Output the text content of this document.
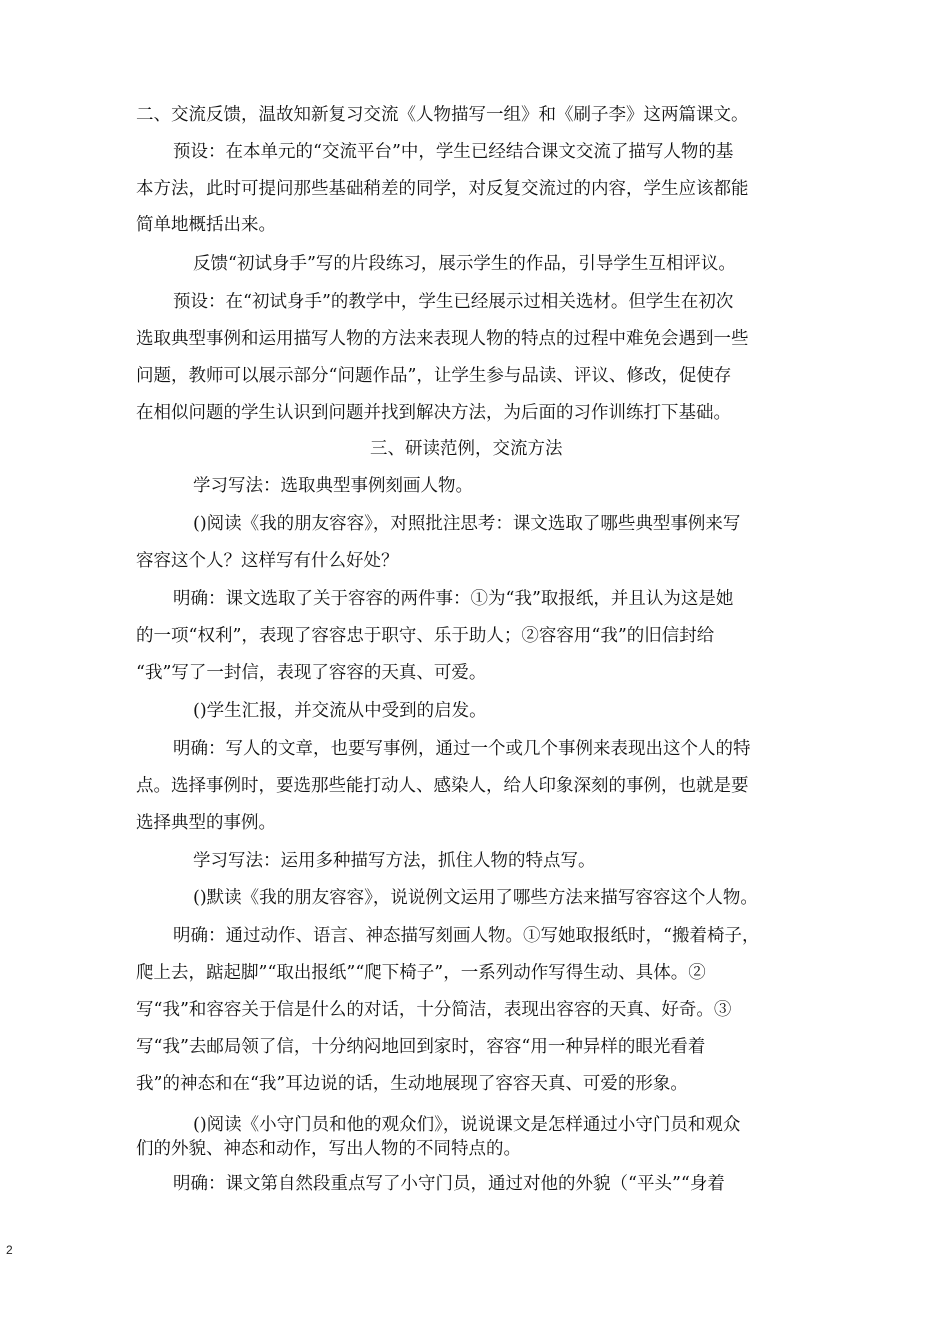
二、交流反馈，温故知新复习交流《人物描写一组》和《刷子李》这两篇课文。
预设：在本单元的“交流平台”中，学生已经结合课文交流了描写人物的基
本方法，此时可提问那些基础稍差的同学，对反复交流过的内容，学生应该都能
简单地概括出来。
反馈“初试身手”写的片段练习，展示学生的作品，引导学生互相评议。
预设：在“初试身手”的教学中，学生已经展示过相关选材。但学生在初次
选取典型事例和运用描写人物的方法来表现人物的特点的过程中难免会遇到一些
问题，教师可以展示部分“问题作品”，让学生参与品读、评议、修改，促使存
在相似问题的学生认识到问题并找到解决方法，为后面的习作训练打下基础。
三、研读范例，交流方法
学习写法：选取典型事例刻画人物。
()阅读《我的朋友容容》，对照批注思考：课文选取了哪些典型事例来写
容容这个人？这样写有什么好处？
明确：课文选取了关于容容的两件事：①为“我”取报纸，并且认为这是她
的一项“权利”，表现了容容忠于职守、乐于助人；②容容用“我”的旧信封给
“我”写了一封信，表现了容容的天真、可爱。
()学生汇报，并交流从中受到的启发。
明确：写人的文章，也要写事例，通过一个或几个事例来表现出这个人的特
点。选择事例时，要选那些能打动人、感染人，给人印象深刻的事例，也就是要
选择典型的事例。
学习写法：运用多种描写方法，抓住人物的特点写。
()默读《我的朋友容容》，说说例文运用了哪些方法来描写容容这个人物。
明确：通过动作、语言、神态描写刻画人物。①写她取报纸时，“搬着椅子，
爬上去，踮起脚”“取出报纸”“爬下椅子”，一系列动作写得生动、具体。②
写“我”和容容关于信是什么的对话，十分简洁，表现出容容的天真、好奇。③
写“我”去邮局领了信，十分纳闷地回到家时，容容“用一种异样的眼光看着
我”的神态和在“我”耳边说的话，生动地展现了容容天真、可爱的形象。
()阅读《小守门员和他的观众们》，说说课文是怎样通过小守门员和观众
们的外貌、神态和动作，写出人物的不同特点的。
明确：课文第自然段重点写了小守门员，通过对他的外貌（“平头”“身着
2
